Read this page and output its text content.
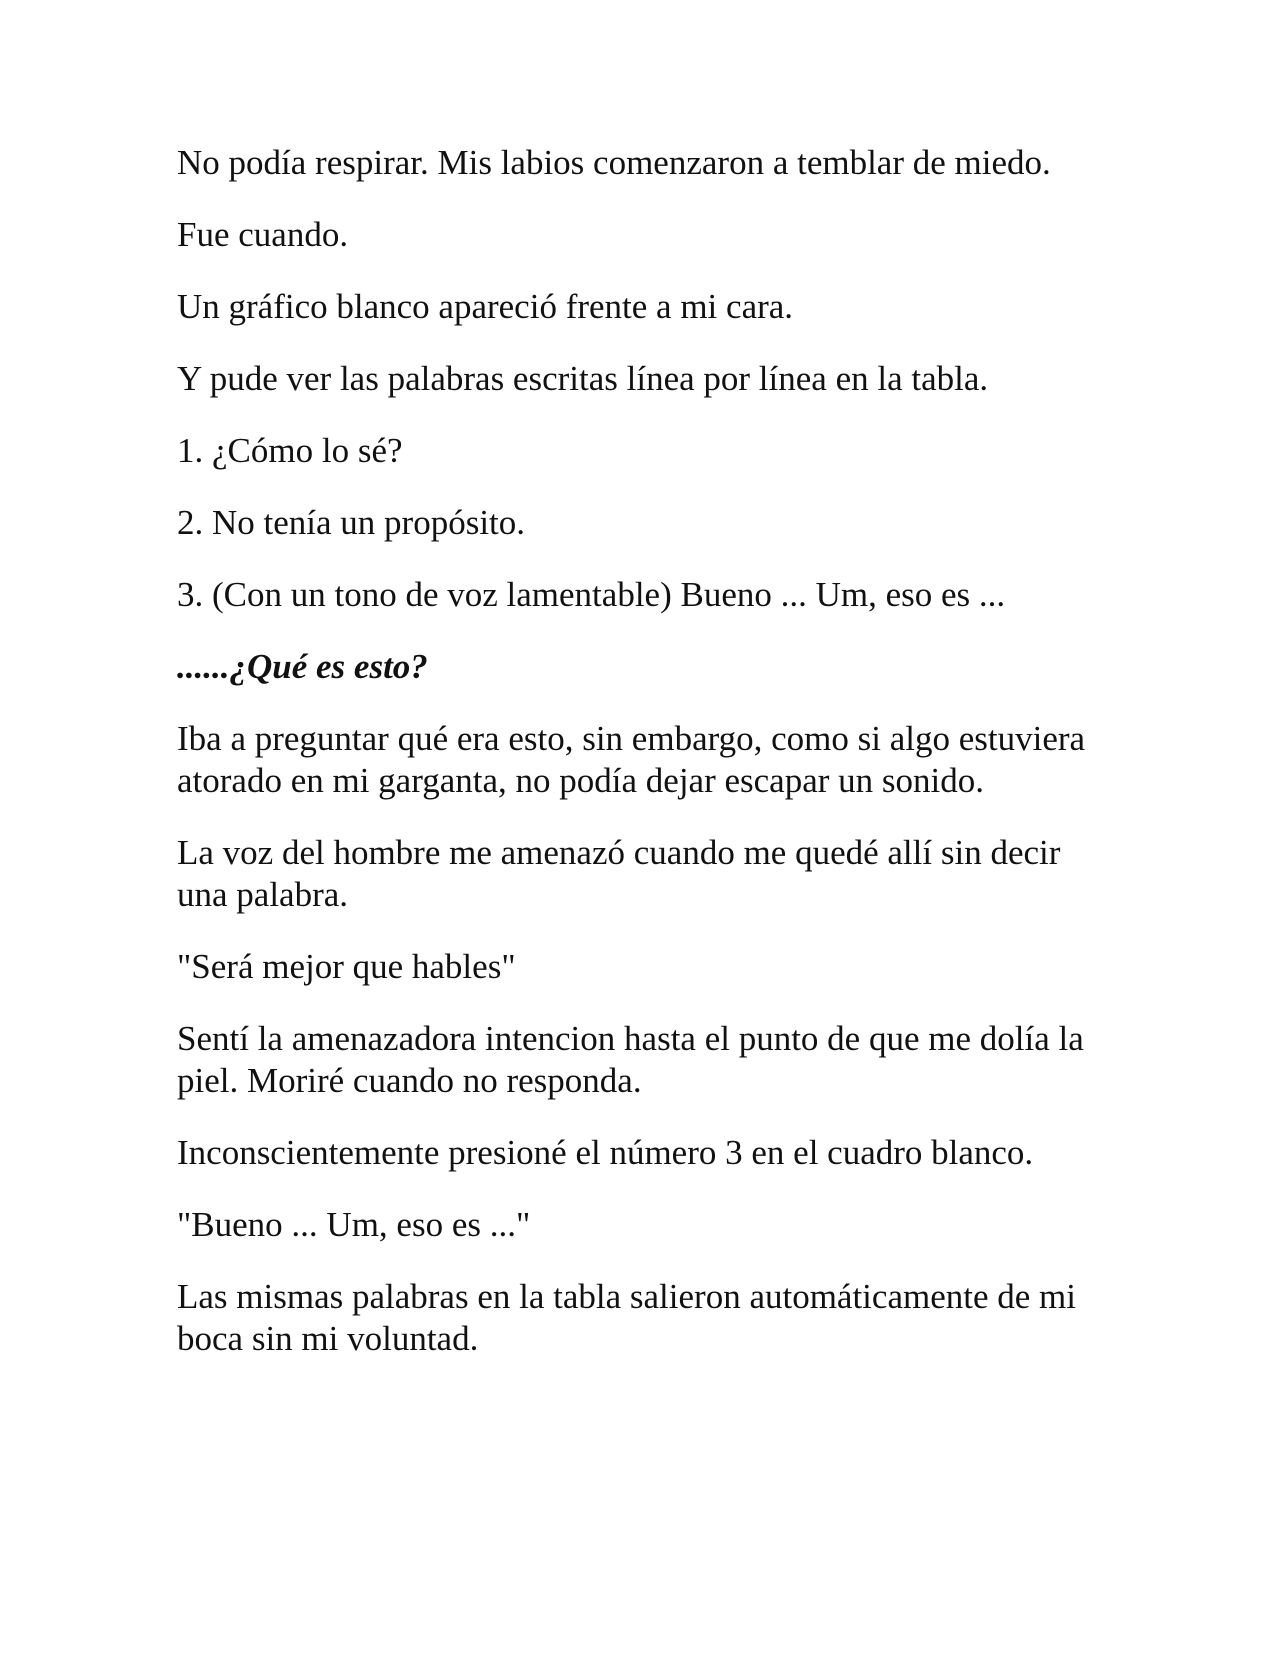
No podía respirar. Mis labios comenzaron a temblar de miedo.

Fue cuando.

Un gráfico blanco apareció frente a mi cara.

Y pude ver las palabras escritas línea por línea en la tabla.

1. ¿Cómo lo sé?

2. No tenía un propósito.

3. (Con un tono de voz lamentable) Bueno ... Um, eso es ...

......¿Qué es esto?

Iba a preguntar qué era esto, sin embargo, como si algo estuviera atorado en mi garganta, no podía dejar escapar un sonido.

La voz del hombre me amenazó cuando me quedé allí sin decir una palabra.

"Será mejor que hables"

Sentí la amenazadora intencion hasta el punto de que me dolía la piel. Moriré cuando no responda.

Inconscientemente presioné el número 3 en el cuadro blanco.

"Bueno ... Um, eso es ..."

Las mismas palabras en la tabla salieron automáticamente de mi boca sin mi voluntad.
